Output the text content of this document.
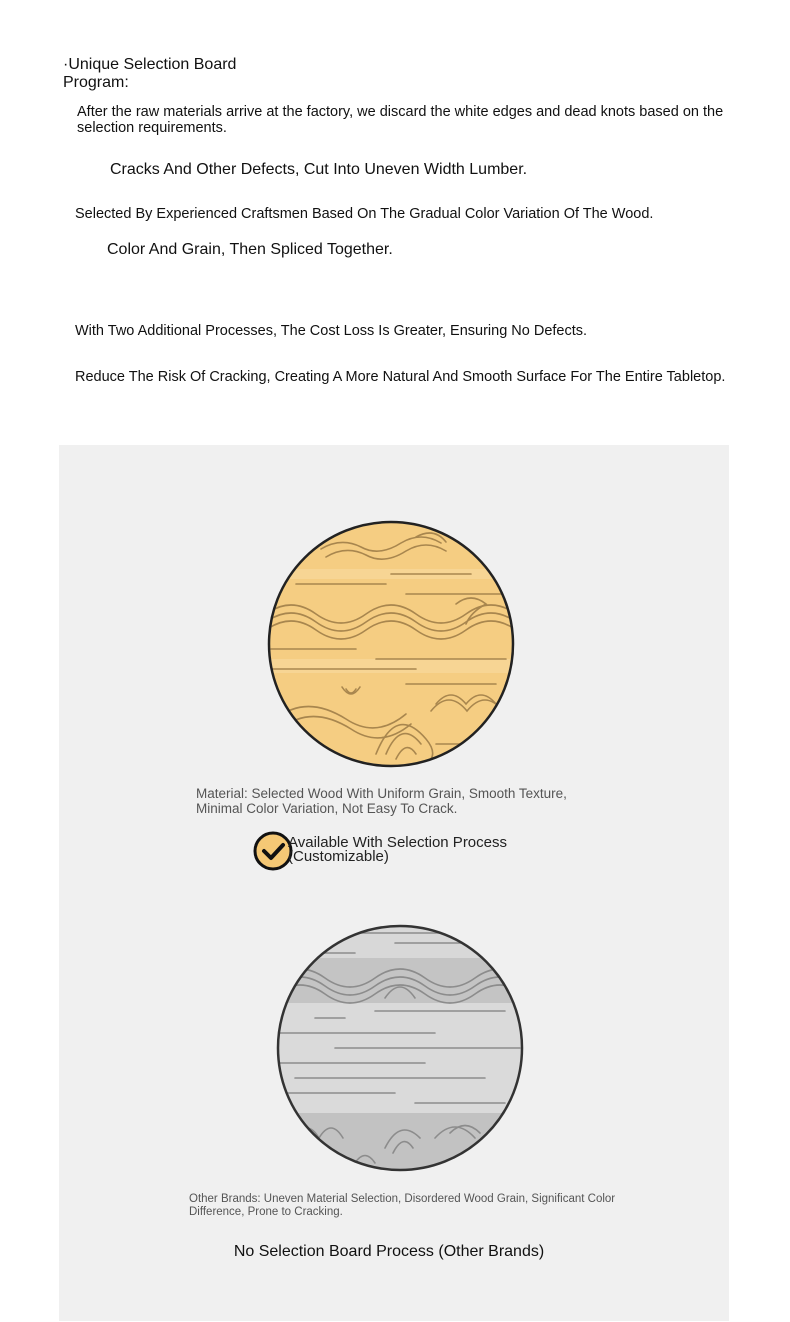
·Unique Selection Board Program:
After the raw materials arrive at the factory, we discard the white edges and dead knots based on the selection requirements.
Cracks And Other Defects, Cut Into Uneven Width Lumber.
Selected By Experienced Craftsmen Based On The Gradual Color Variation Of The Wood.
Color And Grain, Then Spliced Together.
With Two Additional Processes, The Cost Loss Is Greater, Ensuring No Defects.
Reduce The Risk Of Cracking, Creating A More Natural And Smooth Surface For The Entire Tabletop.
Material: Selected Wood With Uniform Grain, Smooth Texture, Minimal Color Variation, Not Easy To Crack.
Available With Selection Process (Customizable)
Other Brands: Uneven Material Selection, Disordered Wood Grain, Significant Color Difference, Prone to Cracking.
No Selection Board Process (Other Brands)
